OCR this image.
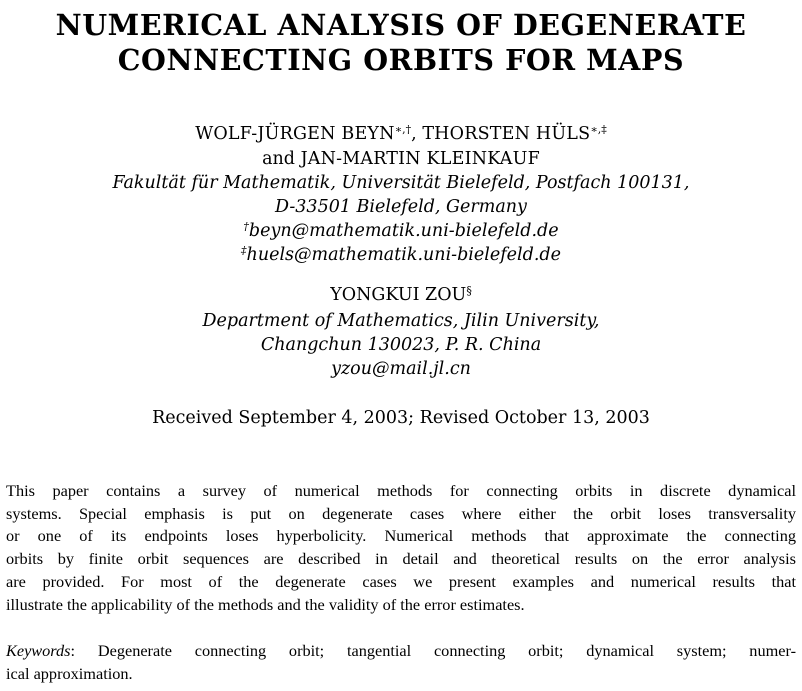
NUMERICAL ANALYSIS OF DEGENERATE
CONNECTING ORBITS FOR MAPS
WOLF-JÜRGEN BEYN∗,†, THORSTEN HÜLS∗,‡
and JAN-MARTIN KLEINKAUF
Fakultät für Mathematik, Universität Bielefeld, Postfach 100131,
D-33501 Bielefeld, Germany
†beyn@mathematik.uni-bielefeld.de
‡huels@mathematik.uni-bielefeld.de
YONGKUI ZOU§
Department of Mathematics, Jilin University,
Changchun 130023, P. R. China
yzou@mail.jl.cn
Received September 4, 2003; Revised October 13, 2003
This paper contains a survey of numerical methods for connecting orbits in discrete dynamical
systems. Special emphasis is put on degenerate cases where either the orbit loses transversality
or one of its endpoints loses hyperbolicity. Numerical methods that approximate the connecting
orbits by finite orbit sequences are described in detail and theoretical results on the error analysis
are provided. For most of the degenerate cases we present examples and numerical results that
illustrate the applicability of the methods and the validity of the error estimates.
Keywords: Degenerate connecting orbit; tangential connecting orbit; dynamical system; numer-
ical approximation.
